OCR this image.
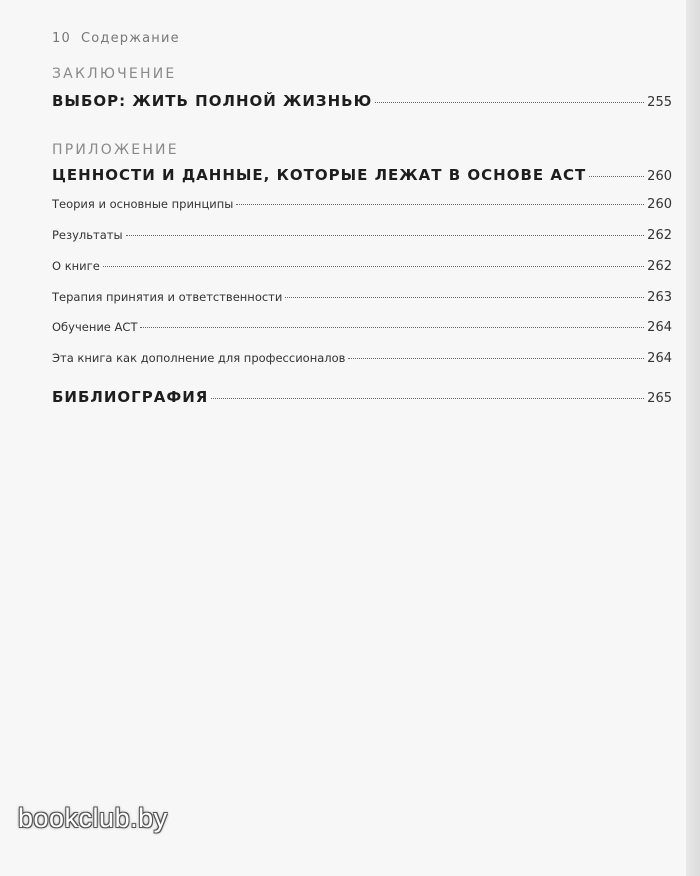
10 Содержание
ЗАКЛЮЧЕНИЕ
ВЫБОР: ЖИТЬ ПОЛНОЙ ЖИЗНЬЮ	255
ПРИЛОЖЕНИЕ
ЦЕННОСТИ И ДАННЫЕ, КОТОРЫЕ ЛЕЖАТ В ОСНОВЕ АСТ	260
Теория и основные принципы	260
Результаты	262
О книге	262
Терапия принятия и ответственности	263
Обучение АСТ	264
Эта книга как дополнение для профессионалов	264
БИБЛИОГРАФИЯ	265
bookclub.by
